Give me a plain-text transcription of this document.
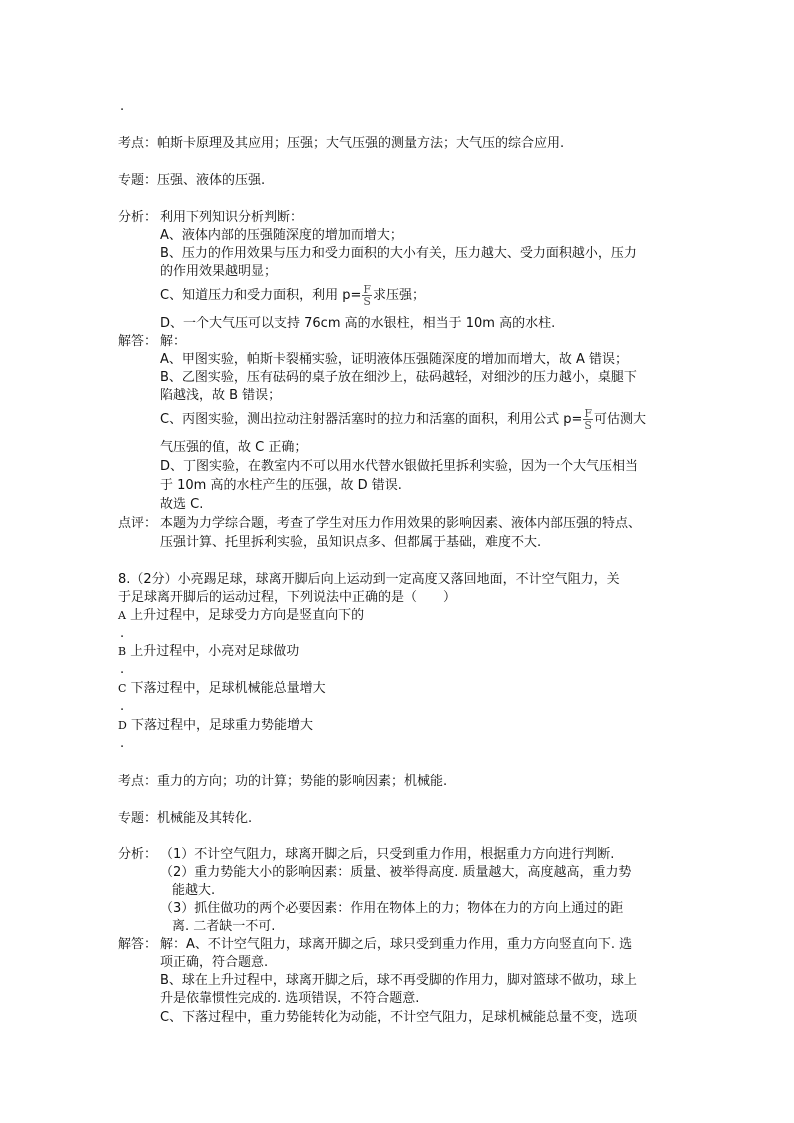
.
考点：帕斯卡原理及其应用；压强；大气压强的测量方法；大气压的综合应用.
专题：压强、液体的压强.
分析： 利用下列知识分析判断：
A、液体内部的压强随深度的增加而增大；
B、压力的作用效果与压力和受力面积的大小有关，压力越大、受力面积越小，压力
的作用效果越明显；
C、知道压力和受力面积，利用 $p= \frac{F}{S}$ 求压强；
D、一个大气压可以支持 76cm 高的水银柱，相当于 10m 高的水柱.
解答： 解：
A、甲图实验，帕斯卡裂桶实验，证明液体压强随深度的增加而增大，故 A 错误；
B、乙图实验，压有砝码的桌子放在细沙上，砝码越轻，对细沙的压力越小，桌腿下
陷越浅，故 B 错误；
C、丙图实验，测出拉动注射器活塞时的拉力和活塞的面积，利用公式 $p= \frac{F}{S}$ 可估测大
气压强的值，故 C 正确；
D、丁图实验，在教室内不可以用水代替水银做托里拆利实验，因为一个大气压相当
于 10m 高的水柱产生的压强，故 D 错误.
故选 C.
点评： 本题为力学综合题，考查了学生对压力作用效果的影响因素、液体内部压强的特点、
压强计算、托里拆利实验，虽知识点多、但都属于基础，难度不大.
8.（2分）小亮踢足球，球离开脚后向上运动到一定高度又落回地面，不计空气阻力，关
于足球离开脚后的运动过程，下列说法中正确的是（　　）
A 上升过程中，足球受力方向是竖直向下的
.
B 上升过程中，小亮对足球做功
.
C 下落过程中，足球机械能总量增大
.
D 下落过程中，足球重力势能增大
.
考点：重力的方向；功的计算；势能的影响因素；机械能.
专题：机械能及其转化.
分析： （1）不计空气阻力，球离开脚之后，只受到重力作用，根据重力方向进行判断.
（2）重力势能大小的影响因素：质量、被举得高度. 质量越大，高度越高，重力势
能越大.
（3）抓住做功的两个必要因素：作用在物体上的力；物体在力的方向上通过的距
离. 二者缺一不可.
解答： 解：A、不计空气阻力，球离开脚之后，球只受到重力作用，重力方向竖直向下. 选
项正确，符合题意.
B、球在上升过程中，球离开脚之后，球不再受脚的作用力，脚对篮球不做功，球上
升是依靠惯性完成的. 选项错误，不符合题意.
C、下落过程中，重力势能转化为动能，不计空气阻力，足球机械能总量不变，选项
